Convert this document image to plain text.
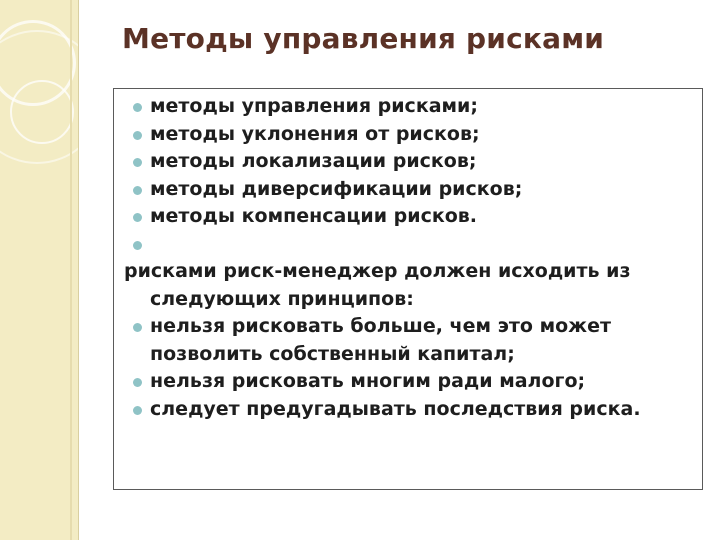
Методы управления рисками

методы управления рисками;

методы уклонения от рисков;

методы локализации рисков;

методы диверсификации рисков;

методы компенсации рисков.

рисками риск-менеджер должен исходить из

следующих принципов:

нельзя рисковать больше, чем это может

позволить собственный капитал;

нельзя рисковать многим ради малого;

следует предугадывать последствия риска.
